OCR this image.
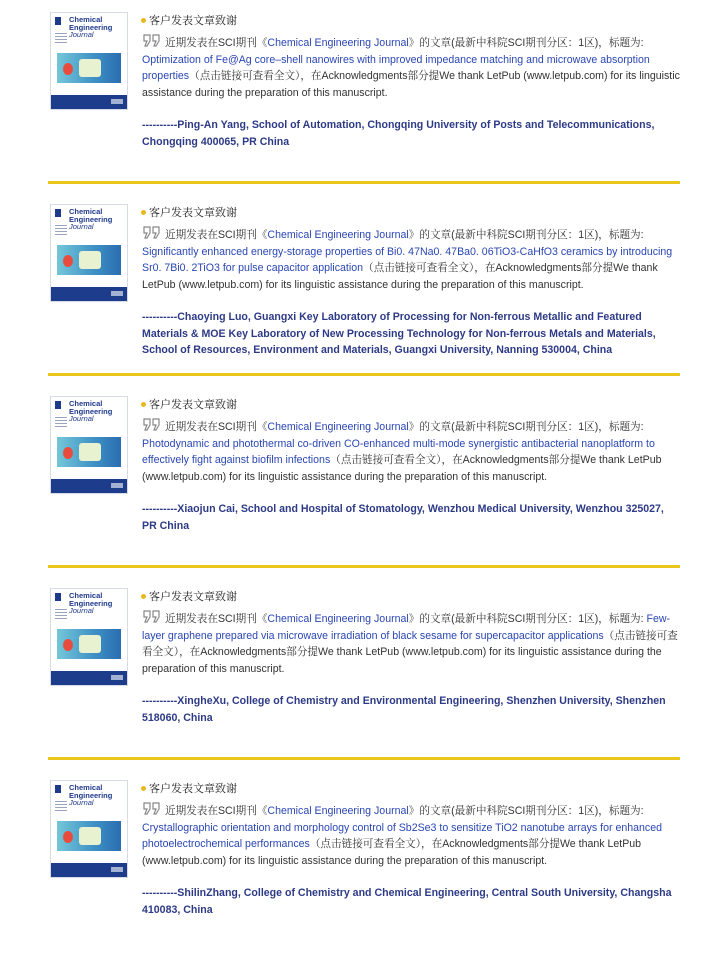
Chemical
Engineering
Journal
客户发表文章致谢
近期发表在SCI期刊《Chemical Engineering Journal》的文章(最新中科院SCI期刊分区：1区)，标题为:
Optimization of Fe@Ag core–shell nanowires with improved impedance matching and microwave absorption properties（点击链接可查看全文），在Acknowledgments部分提We thank LetPub (www.letpub.com) for its linguistic assistance during the preparation of this manuscript.
----------Ping-An Yang, School of Automation, Chongqing University of Posts and Telecommunications, Chongqing 400065, PR China
Chemical
Engineering
Journal
客户发表文章致谢
近期发表在SCI期刊《Chemical Engineering Journal》的文章(最新中科院SCI期刊分区：1区)，标题为:
Significantly enhanced energy-storage properties of Bi0. 47Na0. 47Ba0. 06TiO3-CaHfO3 ceramics by introducing Sr0. 7Bi0. 2TiO3 for pulse capacitor application（点击链接可查看全文），在Acknowledgments部分提We thank LetPub (www.letpub.com) for its linguistic assistance during the preparation of this manuscript.
----------Chaoying Luo, Guangxi Key Laboratory of Processing for Non-ferrous Metallic and Featured Materials & MOE Key Laboratory of New Processing Technology for Non-ferrous Metals and Materials, School of Resources, Environment and Materials, Guangxi University, Nanning 530004, China
Chemical
Engineering
Journal
客户发表文章致谢
近期发表在SCI期刊《Chemical Engineering Journal》的文章(最新中科院SCI期刊分区：1区)，标题为:
Photodynamic and photothermal co-driven CO-enhanced multi-mode synergistic antibacterial nanoplatform to effectively fight against biofilm infections（点击链接可查看全文），在Acknowledgments部分提We thank LetPub (www.letpub.com) for its linguistic assistance during the preparation of this manuscript.
----------Xiaojun Cai, School and Hospital of Stomatology, Wenzhou Medical University, Wenzhou 325027, PR China
Chemical
Engineering
Journal
客户发表文章致谢
近期发表在SCI期刊《Chemical Engineering Journal》的文章(最新中科院SCI期刊分区：1区)，标题为: Few-layer graphene prepared via microwave irradiation of black sesame for supercapacitor applications（点击链接可查看全文），在Acknowledgments部分提We thank LetPub (www.letpub.com) for its linguistic assistance during the preparation of this manuscript.
----------XingheXu, College of Chemistry and Environmental Engineering, Shenzhen University, Shenzhen 518060, China
Chemical
Engineering
Journal
客户发表文章致谢
近期发表在SCI期刊《Chemical Engineering Journal》的文章(最新中科院SCI期刊分区：1区)，标题为:
Crystallographic orientation and morphology control of Sb2Se3 to sensitize TiO2 nanotube arrays for enhanced photoelectrochemical performances（点击链接可查看全文），在Acknowledgments部分提We thank LetPub (www.letpub.com) for its linguistic assistance during the preparation of this manuscript.
----------ShilinZhang, College of Chemistry and Chemical Engineering, Central South University, Changsha 410083, China
